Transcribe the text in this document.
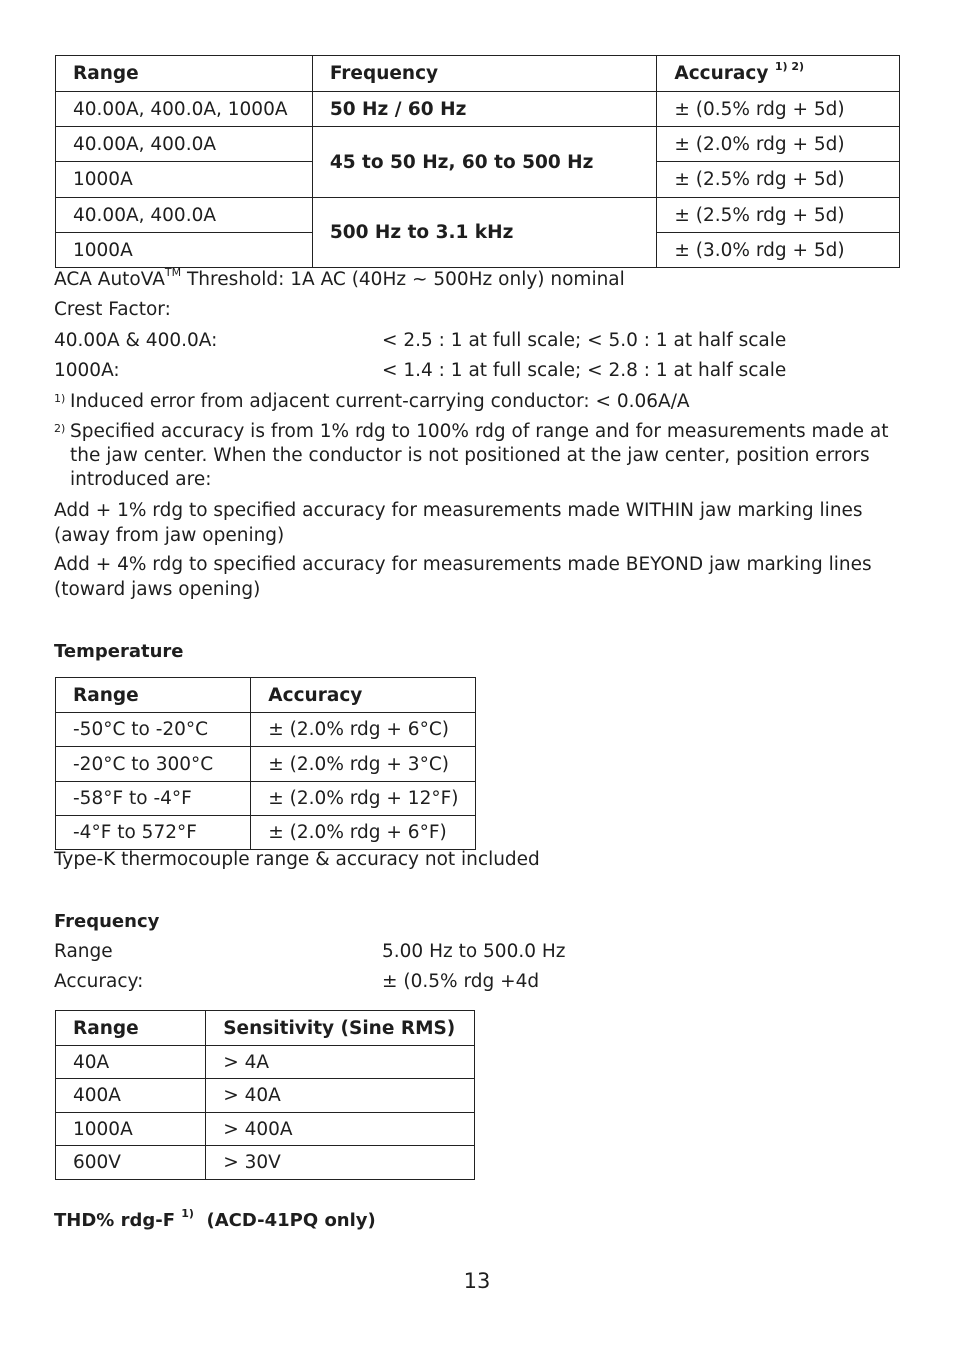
Range	Frequency	Accuracy $^{1) 2)}$
40.00A, 400.0A, 1000A	50 Hz / 60 Hz	± (0.5% rdg + 5d)
40.00A, 400.0A	45 to 50 Hz, 60 to 500 Hz	± (2.0% rdg + 5d)
1000A		± (2.5% rdg + 5d)
40.00A, 400.0A	500 Hz to 3.1 kHz	± (2.5% rdg + 5d)
1000A		± (3.0% rdg + 5d)
ACA AutoVA™ Threshold: 1A AC (40Hz ~ 500Hz only) nominal
Crest Factor:
40.00A & 400.0A:	< 2.5 : 1 at full scale; < 5.0 : 1 at half scale
1000A:	< 1.4 : 1 at full scale; < 2.8 : 1 at half scale
1) Induced error from adjacent current-carrying conductor: < 0.06A/A
2) Specified accuracy is from 1% rdg to 100% rdg of range and for measurements made at
the jaw center. When the conductor is not positioned at the jaw center, position errors
introduced are:
Add + 1% rdg to specified accuracy for measurements made WITHIN jaw marking lines
(away from jaw opening)
Add + 4% rdg to specified accuracy for measurements made BEYOND jaw marking lines
(toward jaws opening)
Temperature
Range	Accuracy
-50°C to -20°C	± (2.0% rdg + 6°C)
-20°C to 300°C	± (2.0% rdg + 3°C)
-58°F to -4°F	± (2.0% rdg + 12°F)
-4°F to 572°F	± (2.0% rdg + 6°F)
Type-K thermocouple range & accuracy not included
Frequency
Range	5.00 Hz to 500.0 Hz
Accuracy:	± (0.5% rdg +4d
Range	Sensitivity (Sine RMS)
40A	> 4A
400A	> 40A
1000A	> 400A
600V	> 30V
THD% rdg-F $^{1)}$ (ACD-41PQ only)
13
